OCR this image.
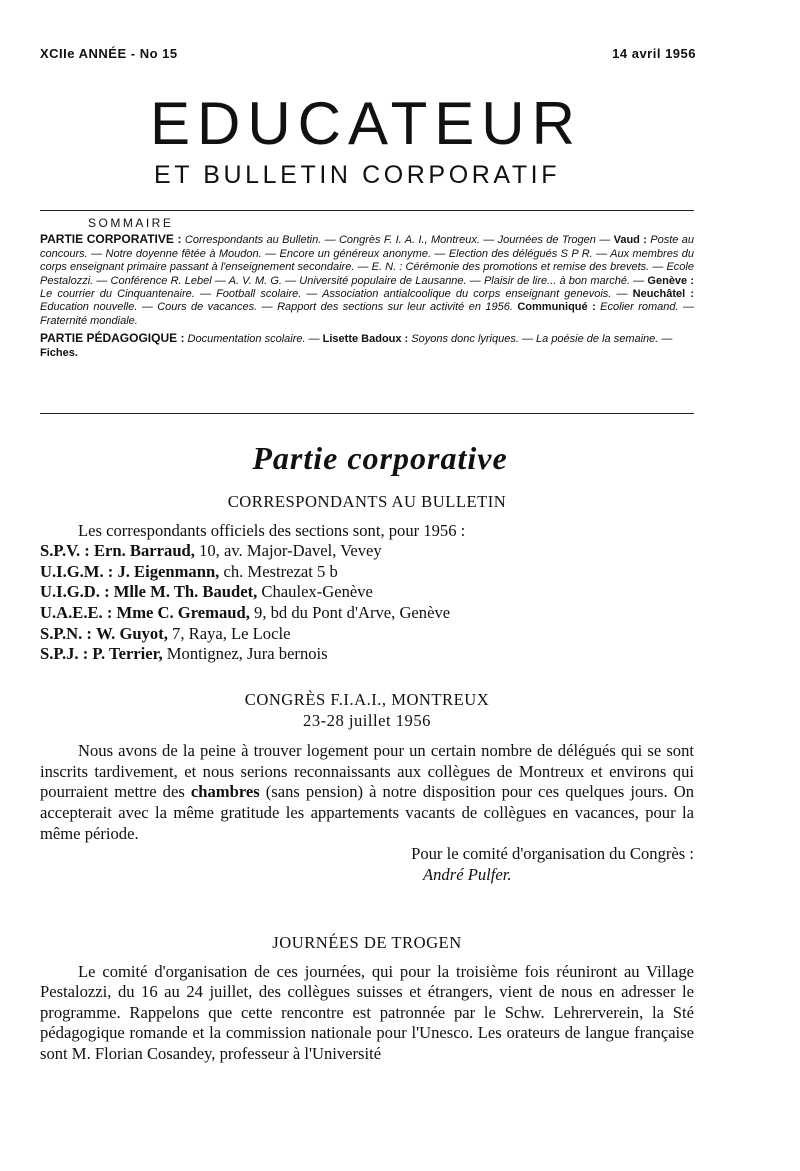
XCIIe ANNÉE - No 15	14 avril 1956
EDUCATEUR
ET BULLETIN CORPORATIF
SOMMAIRE

PARTIE CORPORATIVE : Correspondants au Bulletin. — Congrès F. I. A. I., Montreux. — Journées de Trogen — Vaud : Poste au concours. — Notre doyenne fêtée à Moudon. — Encore un généreux anonyme. — Election des délégués S P R. — Aux membres du corps enseignant primaire passant à l'enseignement secondaire. — E. N. : Cérémonie des promotions et remise des brevets. — Ecole Pestalozzi. — Conférence R. Lebel — A. V. M. G. — Université populaire de Lausanne. — Plaisir de lire... à bon marché. — Genève : Le courrier du Cinquantenaire. — Football scolaire. — Association antialcoolique du corps enseignant genevois. — Neuchâtel : Education nouvelle. — Cours de vacances. — Rapport des sections sur leur activité en 1956. Communiqué : Ecolier romand. — Fraternité mondiale.

PARTIE PÉDAGOGIQUE : Documentation scolaire. — Lisette Badoux : Soyons donc lyriques. — La poésie de la semaine. — Fiches.

Partie corporative
CORRESPONDANTS AU BULLETIN

Les correspondants officiels des sections sont, pour 1956 :

S.P.V. : Ern. Barraud, 10, av. Major-Davel, Vevey

U.I.G.M. : J. Eigenmann, ch. Mestrezat 5 b

U.I.G.D. : Mlle M. Th. Baudet, Chaulex-Genève

U.A.E.E. : Mme C. Gremaud, 9, bd du Pont d'Arve, Genève

S.P.N. : W. Guyot, 7, Raya, Le Locle

S.P.J. : P. Terrier, Montignez, Jura bernois

CONGRÈS F.I.A.I., MONTREUX
23-28 juillet 1956

Nous avons de la peine à trouver logement pour un certain nombre de délégués qui se sont inscrits tardivement, et nous serions reconnaissants aux collègues de Montreux et environs qui pourraient mettre des chambres (sans pension) à notre disposition pour ces quelques jours. On accepterait avec la même gratitude les appartements vacants de collègues en vacances, pour la même période.

Pour le comité d'organisation du Congrès :

André Pulfer.

JOURNÉES DE TROGEN

Le comité d'organisation de ces journées, qui pour la troisième fois réuniront au Village Pestalozzi, du 16 au 24 juillet, des collègues suisses et étrangers, vient de nous en adresser le programme. Rappelons que cette rencontre est patronnée par le Schw. Lehrerverein, la Sté pédagogique romande et la commission nationale pour l'Unesco. Les orateurs de langue française sont M. Florian Cosandey, professeur à l'Université
